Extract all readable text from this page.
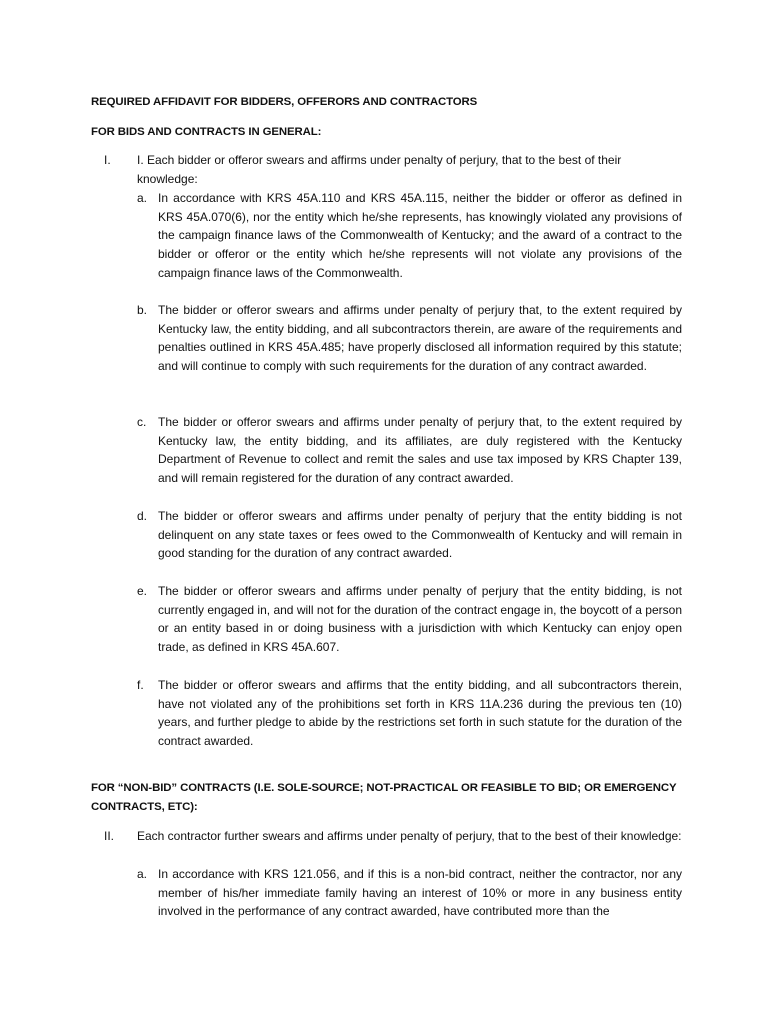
REQUIRED AFFIDAVIT FOR BIDDERS, OFFERORS AND CONTRACTORS

FOR BIDS AND CONTRACTS IN GENERAL:

I. I. Each bidder or offeror swears and affirms under penalty of perjury, that to the best of their knowledge:

a. In accordance with KRS 45A.110 and KRS 45A.115, neither the bidder or offeror as defined in KRS 45A.070(6), nor the entity which he/she represents, has knowingly violated any provisions of the campaign finance laws of the Commonwealth of Kentucky; and the award of a contract to the bidder or offeror or the entity which he/she represents will not violate any provisions of the campaign finance laws of the Commonwealth.

b. The bidder or offeror swears and affirms under penalty of perjury that, to the extent required by Kentucky law, the entity bidding, and all subcontractors therein, are aware of the requirements and penalties outlined in KRS 45A.485; have properly disclosed all information required by this statute; and will continue to comply with such requirements for the duration of any contract awarded.

c. The bidder or offeror swears and affirms under penalty of perjury that, to the extent required by Kentucky law, the entity bidding, and its affiliates, are duly registered with the Kentucky Department of Revenue to collect and remit the sales and use tax imposed by KRS Chapter 139, and will remain registered for the duration of any contract awarded.

d. The bidder or offeror swears and affirms under penalty of perjury that the entity bidding is not delinquent on any state taxes or fees owed to the Commonwealth of Kentucky and will remain in good standing for the duration of any contract awarded.

e. The bidder or offeror swears and affirms under penalty of perjury that the entity bidding, is not currently engaged in, and will not for the duration of the contract engage in, the boycott of a person or an entity based in or doing business with a jurisdiction with which Kentucky can enjoy open trade, as defined in KRS 45A.607.

f.	The bidder or offeror swears and affirms that the entity bidding, and all subcontractors therein, have not violated any of the prohibitions set forth in KRS 11A.236 during the previous ten (10) years, and further pledge to abide by the restrictions set forth in such statute for the duration of the contract awarded.

FOR “NON-BID” CONTRACTS (I.E. SOLE-SOURCE; NOT-PRACTICAL OR FEASIBLE TO BID; OR EMERGENCY CONTRACTS, ETC):

II. Each contractor further swears and affirms under penalty of perjury, that to the best of their knowledge:

a. In accordance with KRS 121.056, and if this is a non-bid contract, neither the contractor, nor any member of his/her immediate family having an interest of 10% or more in any business entity involved in the performance of any contract awarded, have contributed more than the
